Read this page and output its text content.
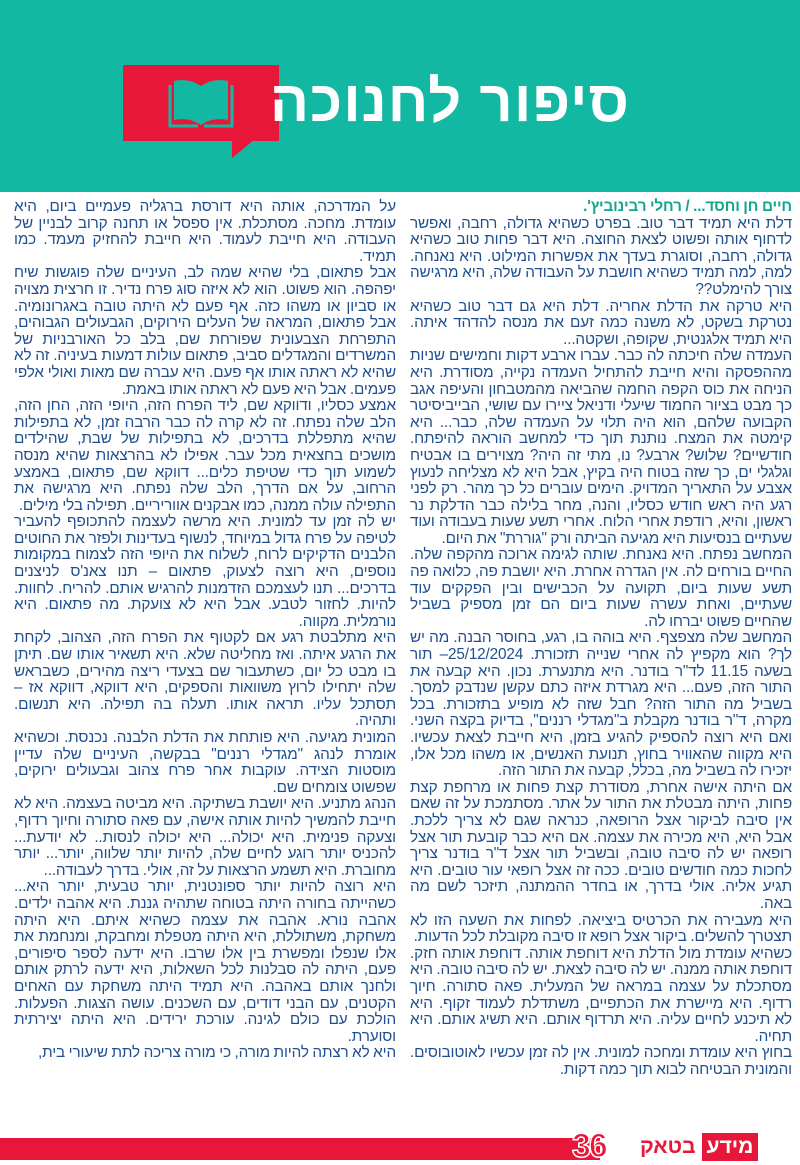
סיפור לחנוכה

חיים חן וחסד... / רחלי רבינוביץ'.

דלת היא תמיד דבר טוב. בפרט כשהיא גדולה, רחבה, ואפשר לדחוף אותה ופשוט לצאת החוצה. היא דבר פחות טוב כשהיא גדולה, רחבה, וסוגרת בעדך את אפשרות המילוט. היא נאנחה. למה, למה תמיד כשהיא חושבת על העבודה שלה, היא מרגישה צורך להימלט??

היא טרקה את הדלת אחריה. דלת היא גם דבר טוב כשהיא נטרקת בשקט, לא משנה כמה זעם את מנסה להדהד איתה. היא תמיד אלגנטית, שקופה, ושקטה...

העמדה שלה חיכתה לה כבר. עברו ארבע דקות וחמישים שניות מההפסקה והיא חייבת להתחיל העמדה נקייה, מסודרת. היא הניחה את כוס הקפה החמה שהביאה מהמטבחון והעיפה אגב כך מבט בציור החמוד שיעלי ודניאל ציירו עם שושי, הבייביסיטר הקבועה שלהם, הוא היה תלוי על העמדה שלה, כבר... היא קימטה את המצח. נותנת תוך כדי למחשב הוראה להיפתח. חודשיים? שלוש? ארבע? נו, מתי זה היה? מצוירים בו אבטיח וגלגלי ים, כך שזה בטוח היה בקיץ, אבל היא לא מצליחה לנעוץ אצבע על התאריך המדויק. הימים עוברים כל כך מהר. רק לפני רגע היה ראש חודש כסליו, והנה, מחר בלילה כבר הדלקת נר ראשון, והיא, רודפת אחרי הלוח. אחרי תשע שעות בעבודה ועוד שעתיים בנסיעות היא מגיעה הביתה ורק "גוררת" את היום.

המחשב נפתח. היא נאנחת. שותה לגימה ארוכה מהקפה שלה. החיים בורחים לה. אין הגדרה אחרת. היא יושבת פה, כלואה פה תשע שעות ביום, תקועה על הכבישים ובין הפקקים עוד שעתיים, ואחת עשרה שעות ביום הם זמן מספיק בשביל שהחיים פשוט יברחו לה.

המחשב שלה מצפצף. היא בוהה בו, רגע, בחוסר הבנה. מה יש לך? הוא מקפיץ לה אחרי שנייה תזכורת. 25/12/2024– תור בשעה 11.15 לד"ר בודנר. היא מתנערת. נכון. היא קבעה את התור הזה, פעם... היא מגרדת איזה כתם עקשן שנדבק למסך. בשביל מה התור הזה? חבל שזה לא מופיע בתזכורת. בכל מקרה, ד"ר בודנר מקבלת ב"מגדלי רננים", בדיוק בקצה השני. ואם היא רוצה להספיק להגיע בזמן, היא חייבת לצאת עכשיו. היא מקווה שהאוויר בחוץ, תנועת האנשים, או משהו מכל אלו, יזכירו לה בשביל מה, בכלל, קבעה את התור הזה.

אם היתה אישה אחרת, מסודרת קצת פחות או מרחפת קצת פחות, היתה מבטלת את התור על אתר. מסתמכת על זה שאם אין סיבה לביקור אצל הרופאה, כנראה שגם לא צריך ללכת. אבל היא, היא מכירה את עצמה. אם היא כבר קובעת תור אצל רופאה יש לה סיבה טובה, ובשביל תור אצל ד"ר בודנר צריך לחכות כמה חודשים טובים. ככה זה אצל רופאי עור טובים. היא תגיע אליה. אולי בדרך, או בחדר ההמתנה, תיזכר לשם מה באה.

היא מעבירה את הכרטיס ביציאה. לפחות את השעה הזו לא תצטרך להשלים. ביקור אצל רופא זו סיבה מקובלת לכל הדעות.

כשהיא עומדת מול הדלת היא דוחפת אותה. דוחפת אותה חזק. דוחפת אותה ממנה. יש לה סיבה לצאת. יש לה סיבה טובה. היא מסתכלת על עצמה במראה של המעלית. פאה סתורה. חיוך רדוף. היא מיישרת את הכתפיים, משתדלת לעמוד זקוף. היא לא תיכנע לחיים עליה. היא תרדוף אותם. היא תשיג אותם. היא תחיה.

בחוץ היא עומדת ומחכה למונית. אין לה זמן עכשיו לאוטובוסים. והמונית הבטיחה לבוא תוך כמה דקות.

על המדרכה, אותה היא דורסת ברגליה פעמיים ביום, היא עומדת. מחכה. מסתכלת. אין ספסל או תחנה קרוב לבניין של העבודה. היא חייבת לעמוד. היא חייבת להחזיק מעמד. כמו תמיד.

אבל פתאום, בלי שהיא שמה לב, העיניים שלה פוגשות שיח יפהפה. הוא פשוט. הוא לא איזה סוג פרח נדיר. זו חרצית מצויה או סביון או משהו כזה. אף פעם לא היתה טובה באגרונומיה. אבל פתאום, המראה של העלים הירוקים, הגבעולים הגבוהים, התפרחת הצבעונית שפורחת שם, בלב כל האורבניות של המשרדים והמגדלים סביב, פתאום עולות דמעות בעיניה. זה לא שהיא לא ראתה אותו אף פעם. היא עברה שם מאות ואולי אלפי פעמים. אבל היא פעם לא ראתה אותו באמת.

אמצע כסליו, ודווקא שם, ליד הפרח הזה, היופי הזה, החן הזה, הלב שלה נפתח. זה לא קרה לה כבר הרבה זמן, לא בתפילות שהיא מתפללת בדרכים, לא בתפילות של שבת, שהילדים מושכים בחצאית מכל עבר. אפילו לא בהרצאות שהיא מנסה לשמוע תוך כדי שטיפת כלים... דווקא שם, פתאום, באמצע הרחוב, על אם הדרך, הלב שלה נפתח. היא מרגישה את התפילה עולה ממנה, כמו אבקנים אווריריים. תפילה בלי מילים.

יש לה זמן עד למונית. היא מרשה לעצמה להתכופף להעביר לטיפה על פרח גדול במיוחד, לנשוף בעדינות ולפזר את החוטים הלבנים הדקיקים לרוח, לשלוח את היופי הזה לצמוח במקומות נוספים, היא רוצה לצעוק, פתאום – תנו צאנ'ס לניצנים בדרכים... תנו לעצמכם הזדמנות להרגיש אותם. להריח. לחוות. להיות. לחזור לטבע. אבל היא לא צועקת. מה פתאום. היא נורמלית. מקווה.

היא מתלבטת רגע אם לקטוף את הפרח הזה, הצהוב, לקחת את הרגע איתה. ואז מחליטה שלא. היא תשאיר אותו שם. תיתן בו מבט כל יום, כשתעבור שם בצעדי ריצה מהירים, כשבראש שלה יתחילו לרוץ משוואות והספקים, היא דווקא, דווקא אז – תסתכל עליו. תראה אותו. תעלה בה תפילה. היא תנשום. ותהיה.

המונית מגיעה. היא פותחת את הדלת הלבנה. נכנסת. וכשהיא אומרת לנהג "מגדלי רננים" בבקשה, העיניים שלה עדיין מוסטות הצידה. עוקבות אחר פרח צהוב וגבעולים ירוקים, שפשוט צומחים שם.

הנהג מתניע. היא יושבת בשתיקה. היא מביטה בעצמה. היא לא חייבת להמשיך להיות אותה אישה, עם פאה סתורה וחיוך רדוף, וצעקה פנימית. היא יכולה... היא יכולה לנסות.. לא יודעת... להכניס יותר רוגע לחיים שלה, להיות יותר שלווה, יותר... יותר מחוברת. היא תשמע הרצאות על זה, אולי. בדרך לעבודה...

היא רוצה להיות יותר ספונטנית, יותר טבעית, יותר היא... כשהייתה בחורה היתה בטוחה שתהיה גננת. היא אהבה ילדים. אהבה נורא. אהבה את עצמה כשהיא איתם. היא היתה משחקת, משתוללת, היא היתה מטפלת ומחבקת, ומנחמת את אלו שנפלו ומפשרת בין אלו שרבו. היא ידעה לספר סיפורים, פעם, היתה לה סבלנות לכל השאלות, היא ידעה לרתק אותם ולחנך אותם באהבה. היא תמיד היתה משחקת עם האחים הקטנים, עם הבני דודים, עם השכנים. עושה הצגות. הפעלות. הולכת עם כולם לגינה. עורכת ירידים. היא היתה יצירתית וסוערת.

היא לא רצתה להיות מורה, כי מורה צריכה לתת שיעורי בית,

36	מידע
בטאק
